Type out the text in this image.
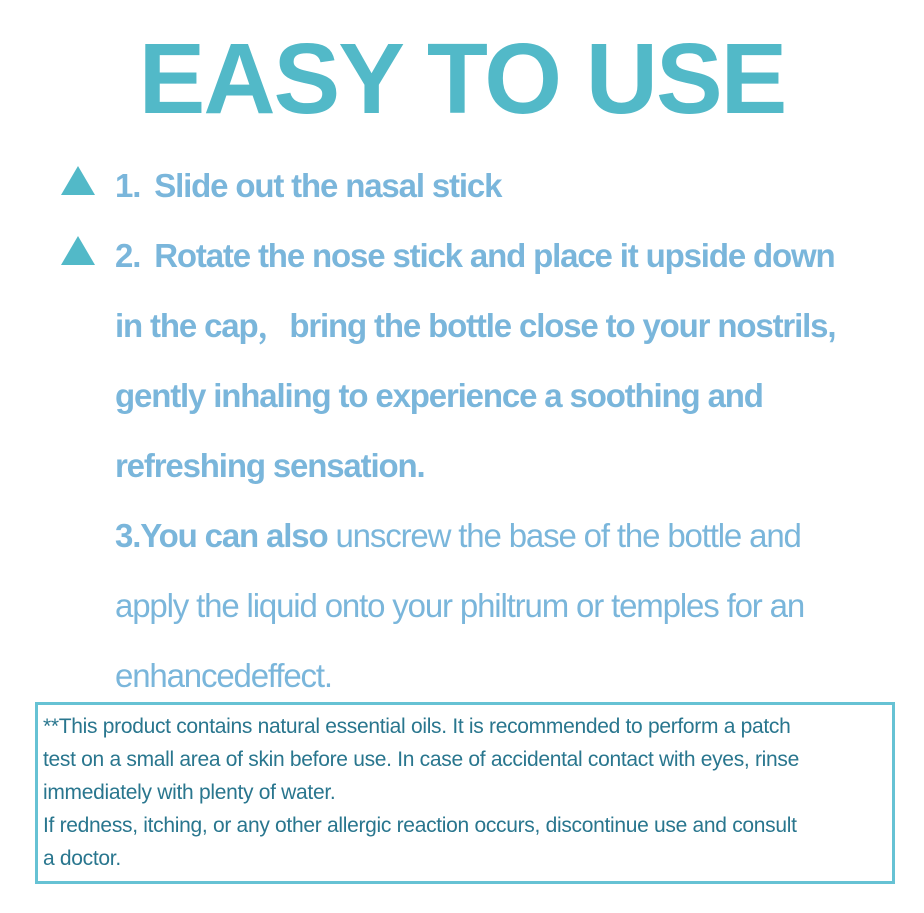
EASY TO USE
1. Slide out the nasal stick
2. Rotate the nose stick and place it upside down
in the cap，bring the bottle close to your nostrils,
gently inhaling to experience a soothing and
refreshing sensation.
3.You can also unscrew the base of the bottle and
apply the liquid onto your philtrum or temples for an
enhancedeffect.
**This product contains natural essential oils. It is recommended to perform a patch
test on a small area of skin before use. In case of accidental contact with eyes, rinse
immediately with plenty of water.
If redness, itching, or any other allergic reaction occurs, discontinue use and consult
a doctor.
